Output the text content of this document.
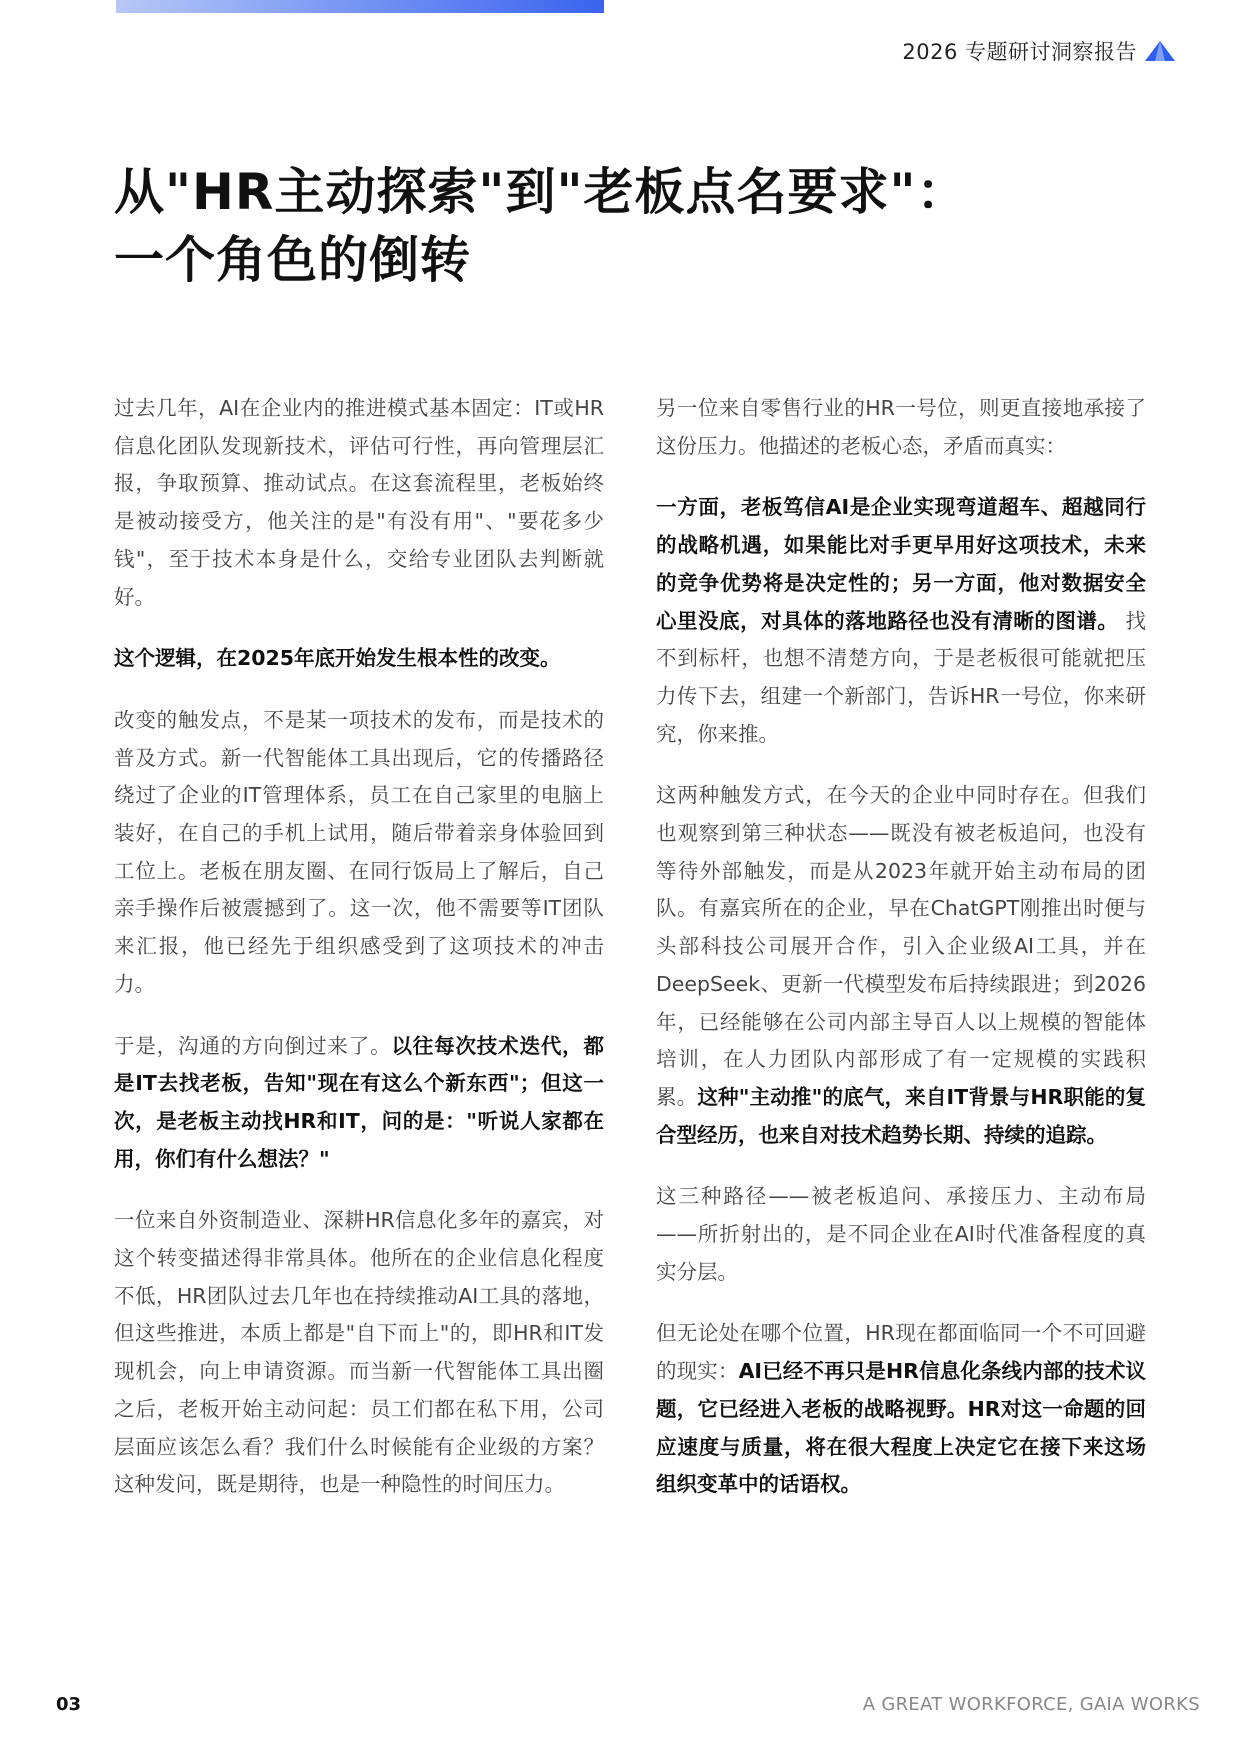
2026 专题研讨洞察报告
从"HR主动探索"到"老板点名要求"：
一个角色的倒转

过去几年，AI在企业内的推进模式基本固定：IT或HR信息化团队发现新技术，评估可行性，再向管理层汇报，争取预算、推动试点。在这套流程里，老板始终是被动接受方，他关注的是"有没有用"、"要花多少钱"，至于技术本身是什么，交给专业团队去判断就好。

这个逻辑，在2025年底开始发生根本性的改变。

改变的触发点，不是某一项技术的发布，而是技术的普及方式。新一代智能体工具出现后，它的传播路径绕过了企业的IT管理体系，员工在自己家里的电脑上装好，在自己的手机上试用，随后带着亲身体验回到工位上。老板在朋友圈、在同行饭局上了解后，自己亲手操作后被震撼到了。这一次，他不需要等IT团队来汇报，他已经先于组织感受到了这项技术的冲击力。

于是，沟通的方向倒过来了。以往每次技术迭代，都是IT去找老板，告知"现在有这么个新东西"；但这一次，是老板主动找HR和IT，问的是："听说人家都在用，你们有什么想法？"

一位来自外资制造业、深耕HR信息化多年的嘉宾，对这个转变描述得非常具体。他所在的企业信息化程度不低，HR团队过去几年也在持续推动AI工具的落地，但这些推进，本质上都是"自下而上"的，即HR和IT发现机会，向上申请资源。而当新一代智能体工具出圈之后，老板开始主动问起：员工们都在私下用，公司层面应该怎么看？我们什么时候能有企业级的方案？这种发问，既是期待，也是一种隐性的时间压力。

另一位来自零售行业的HR一号位，则更直接地承接了这份压力。他描述的老板心态，矛盾而真实：

一方面，老板笃信AI是企业实现弯道超车、超越同行的战略机遇，如果能比对手更早用好这项技术，未来的竞争优势将是决定性的；另一方面，他对数据安全心里没底，对具体的落地路径也没有清晰的图谱。 找不到标杆，也想不清楚方向，于是老板很可能就把压力传下去，组建一个新部门，告诉HR一号位，你来研究，你来推。

这两种触发方式，在今天的企业中同时存在。但我们也观察到第三种状态——既没有被老板追问，也没有等待外部触发，而是从2023年就开始主动布局的团队。有嘉宾所在的企业，早在ChatGPT刚推出时便与头部科技公司展开合作，引入企业级AI工具，并在DeepSeek、更新一代模型发布后持续跟进；到2026年，已经能够在公司内部主导百人以上规模的智能体培训，在人力团队内部形成了有一定规模的实践积累。这种"主动推"的底气，来自IT背景与HR职能的复合型经历，也来自对技术趋势长期、持续的追踪。

这三种路径——被老板追问、承接压力、主动布局——所折射出的，是不同企业在AI时代准备程度的真实分层。

但无论处在哪个位置，HR现在都面临同一个不可回避的现实：AI已经不再只是HR信息化条线内部的技术议题，它已经进入老板的战略视野。HR对这一命题的回应速度与质量，将在很大程度上决定它在接下来这场组织变革中的话语权。

03	A GREAT WORKFORCE, GAIA WORKS
